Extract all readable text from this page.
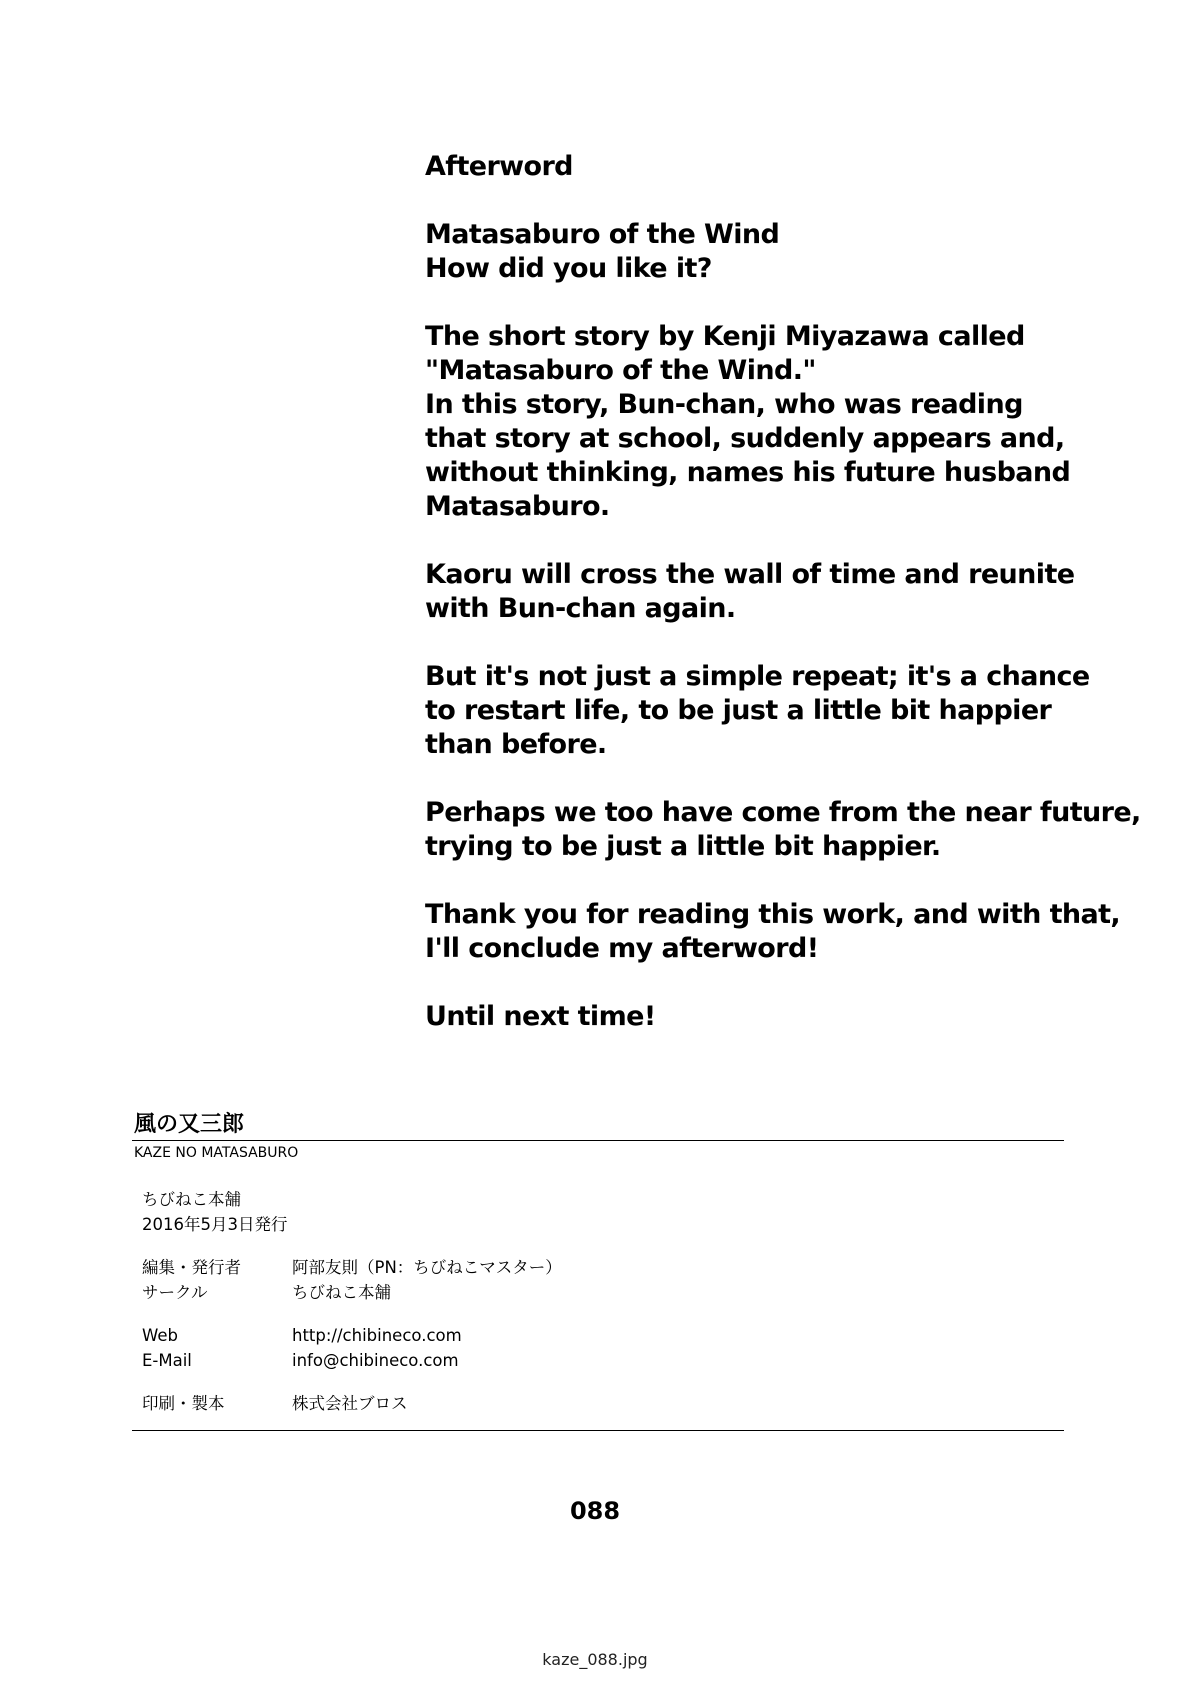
Afterword
Matasaburo of the Wind
How did you like it?
The short story by Kenji Miyazawa called
"Matasaburo of the Wind."
In this story, Bun-chan, who was reading
that story at school, suddenly appears and,
without thinking, names his future husband
Matasaburo.
Kaoru will cross the wall of time and reunite
with Bun-chan again.
But it's not just a simple repeat; it's a chance
to restart life, to be just a little bit happier
than before.
Perhaps we too have come from the near future,
trying to be just a little bit happier.
Thank you for reading this work, and with that,
I'll conclude my afterword!
Until next time!
風の又三郎
KAZE NO MATASABURO
ちびねこ本舗
2016年5月3日発行
編集・発行者	阿部友則（PN：ちびねこマスター）
サークル	ちびねこ本舗
Web	http://chibineco.com
E-Mail	info@chibineco.com
印刷・製本	株式会社ブロス
088
kaze_088.jpg
